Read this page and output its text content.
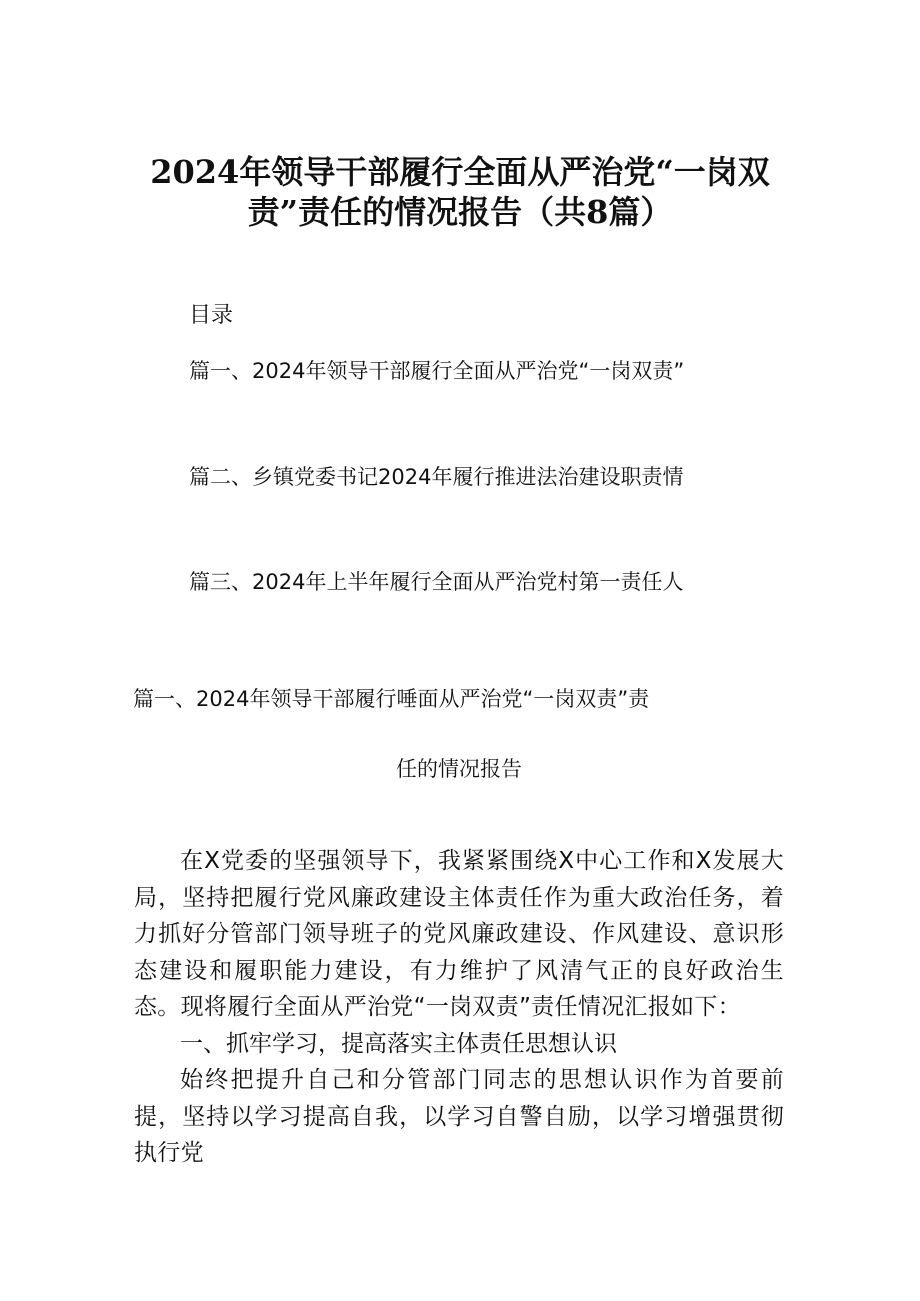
2024年领导干部履行全面从严治党“一岗双
责”责任的情况报告（共8篇）
目录
篇一、2024年领导干部履行全面从严治党“一岗双责”
篇二、乡镇党委书记2024年履行推进法治建设职责情
篇三、2024年上半年履行全面从严治党村第一责任人
篇一、2024年领导干部履行唾面从严治党“一岗双责”责
任的情况报告

在X党委的坚强领导下，我紧紧围绕X中心工作和X发展大局，坚持把履行党风廉政建设主体责任作为重大政治任务，着力抓好分管部门领导班子的党风廉政建设、作风建设、意识形态建设和履职能力建设，有力维护了风清气正的良好政治生态。现将履行全面从严治党“一岗双责”责任情况汇报如下：

一、抓牢学习，提高落实主体责任思想认识

始终把提升自己和分管部门同志的思想认识作为首要前提，坚持以学习提高自我，以学习自警自励，以学习增强贯彻执行党
